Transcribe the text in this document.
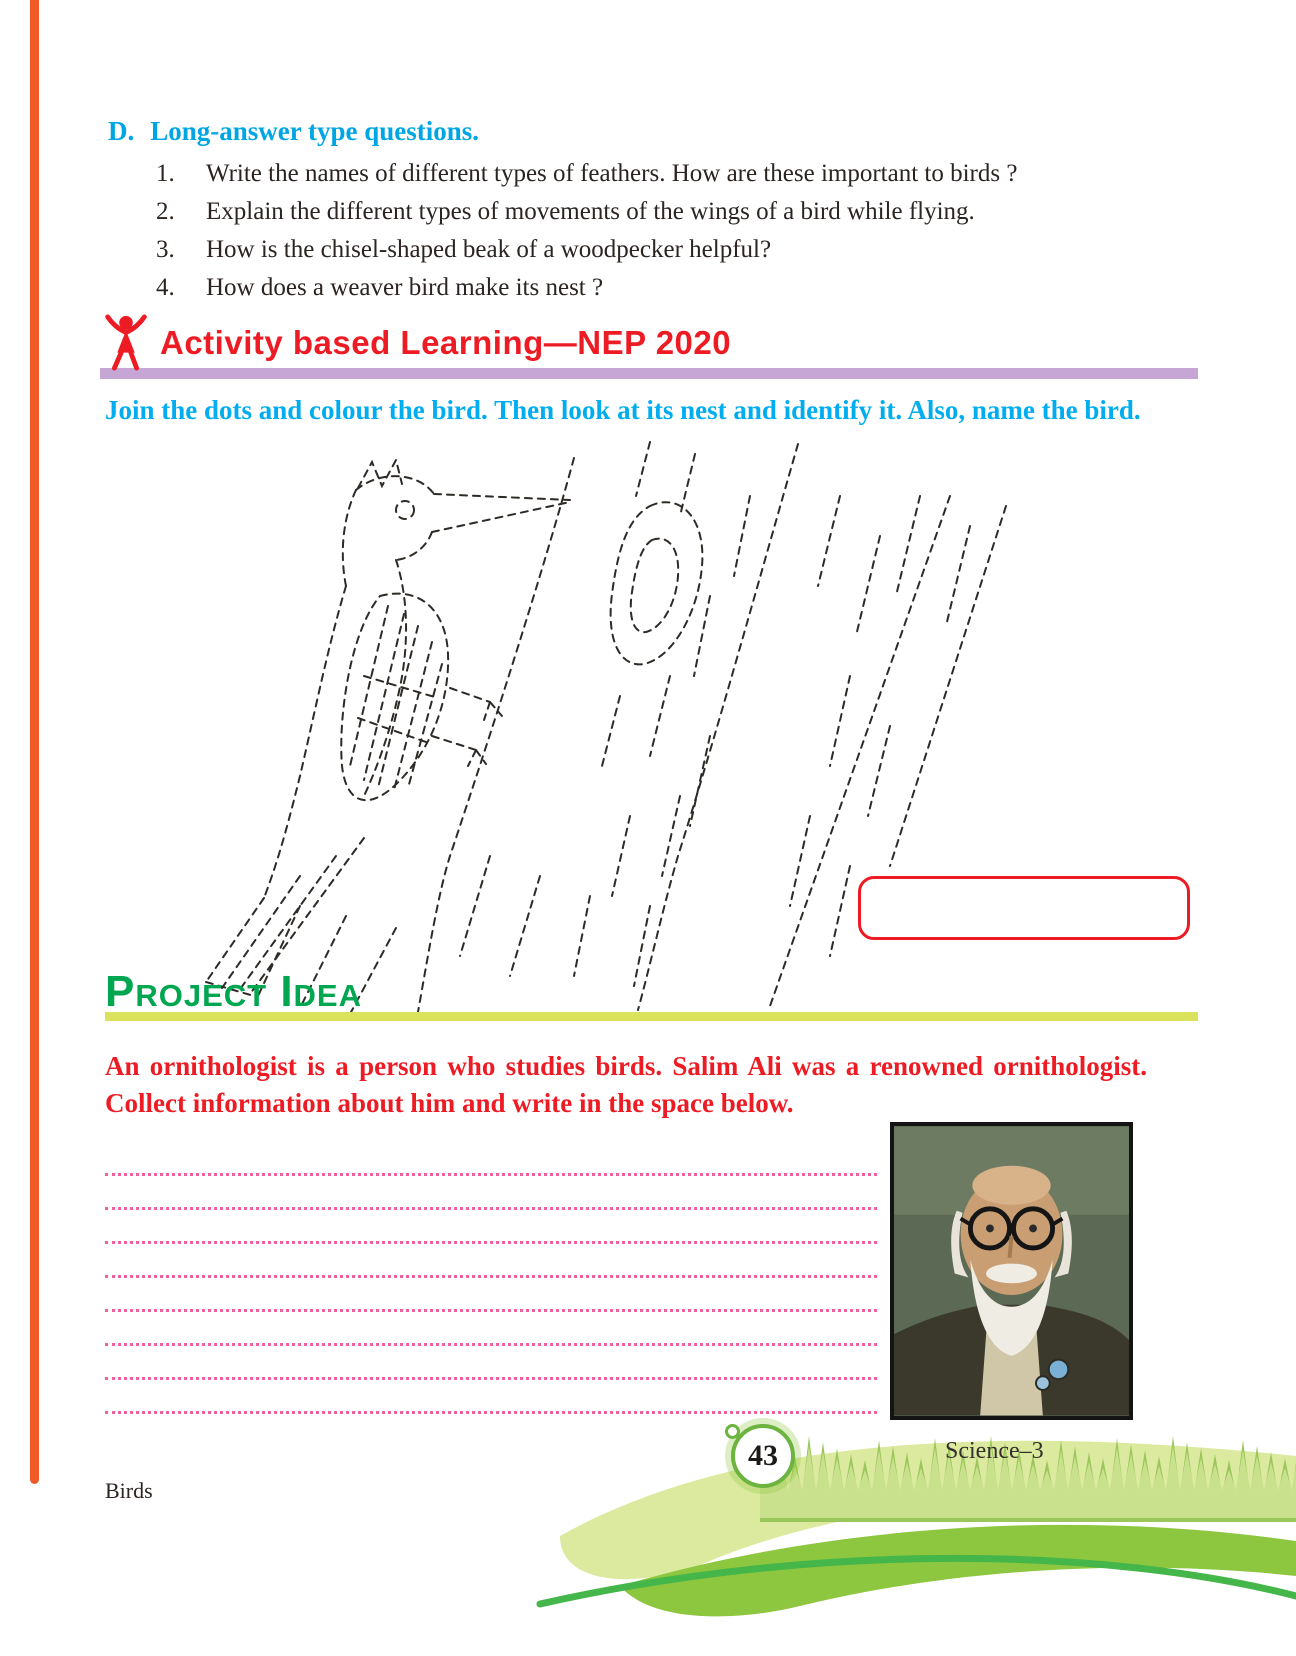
D. Long-answer type questions.
1.	Write the names of different types of feathers. How are these important to birds ?
2.	Explain the different types of movements of the wings of a bird while flying.
3.	How is the chisel-shaped beak of a woodpecker helpful?
4.	How does a weaver bird make its nest ?
Activity based Learning—NEP 2020
Join the dots and colour the bird. Then look at its nest and identify it. Also, name the bird.
Project Idea
An ornithologist is a person who studies birds. Salim Ali was a renowned ornithologist. Collect information about him and write in the space below.
43	Science–3
Birds
